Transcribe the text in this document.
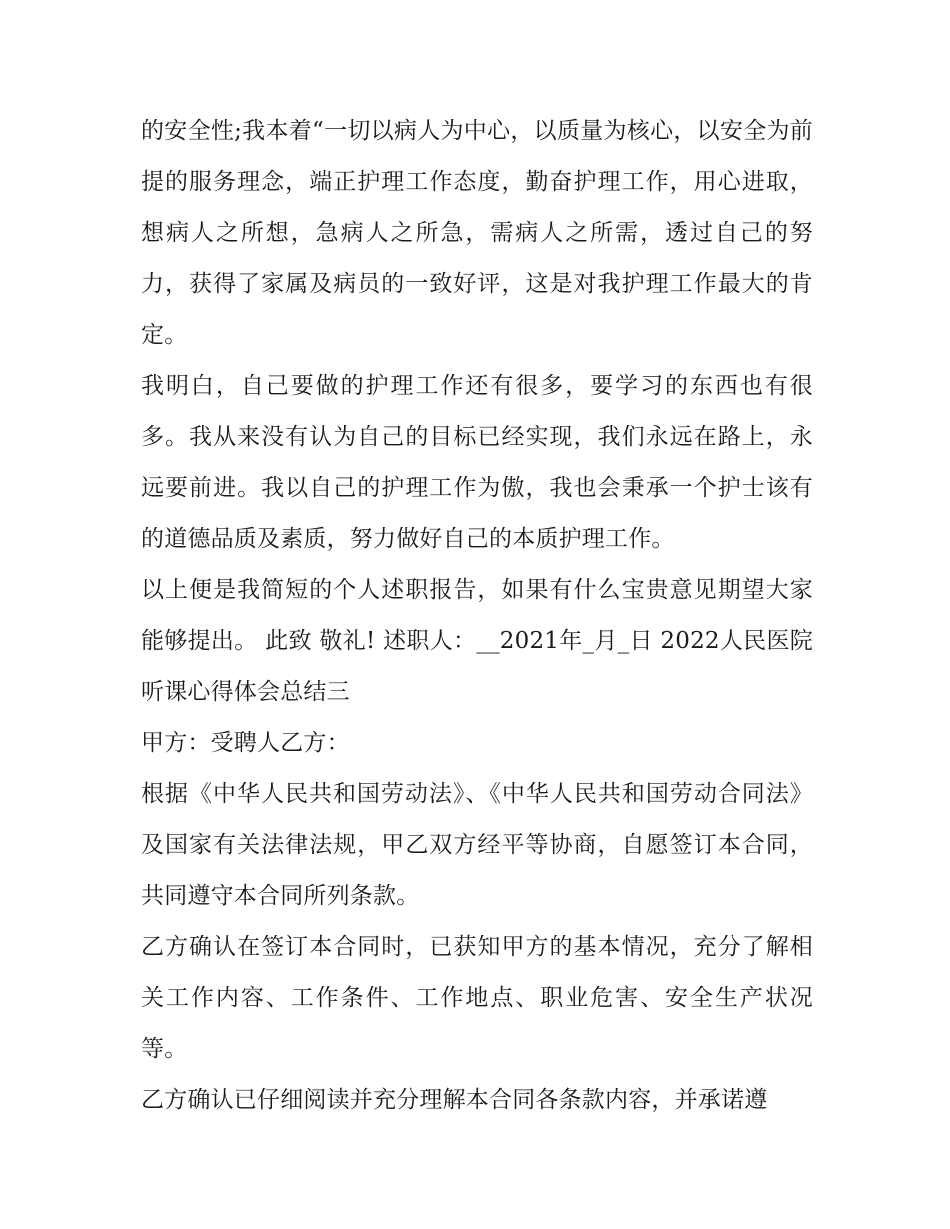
的安全性;我本着“一切以病人为中心，以质量为核心，以安全为前提的服务理念，端正护理工作态度，勤奋护理工作，用心进取，想病人之所想，急病人之所急，需病人之所需，透过自己的努力，获得了家属及病员的一致好评，这是对我护理工作最大的肯定。

我明白，自己要做的护理工作还有很多，要学习的东西也有很多。我从来没有认为自己的目标已经实现，我们永远在路上，永远要前进。我以自己的护理工作为傲，我也会秉承一个护士该有的道德品质及素质，努力做好自己的本质护理工作。

以上便是我简短的个人述职报告，如果有什么宝贵意见期望大家能够提出。 此致 敬礼! 述职人：__2021年_月_日 2022人民医院听课心得体会总结三

甲方：受聘人乙方：

根据《中华人民共和国劳动法》、《中华人民共和国劳动合同法》及国家有关法律法规，甲乙双方经平等协商，自愿签订本合同，共同遵守本合同所列条款。

乙方确认在签订本合同时，已获知甲方的基本情况，充分了解相关工作内容、工作条件、工作地点、职业危害、安全生产状况等。

乙方确认已仔细阅读并充分理解本合同各条款内容，并承诺遵
